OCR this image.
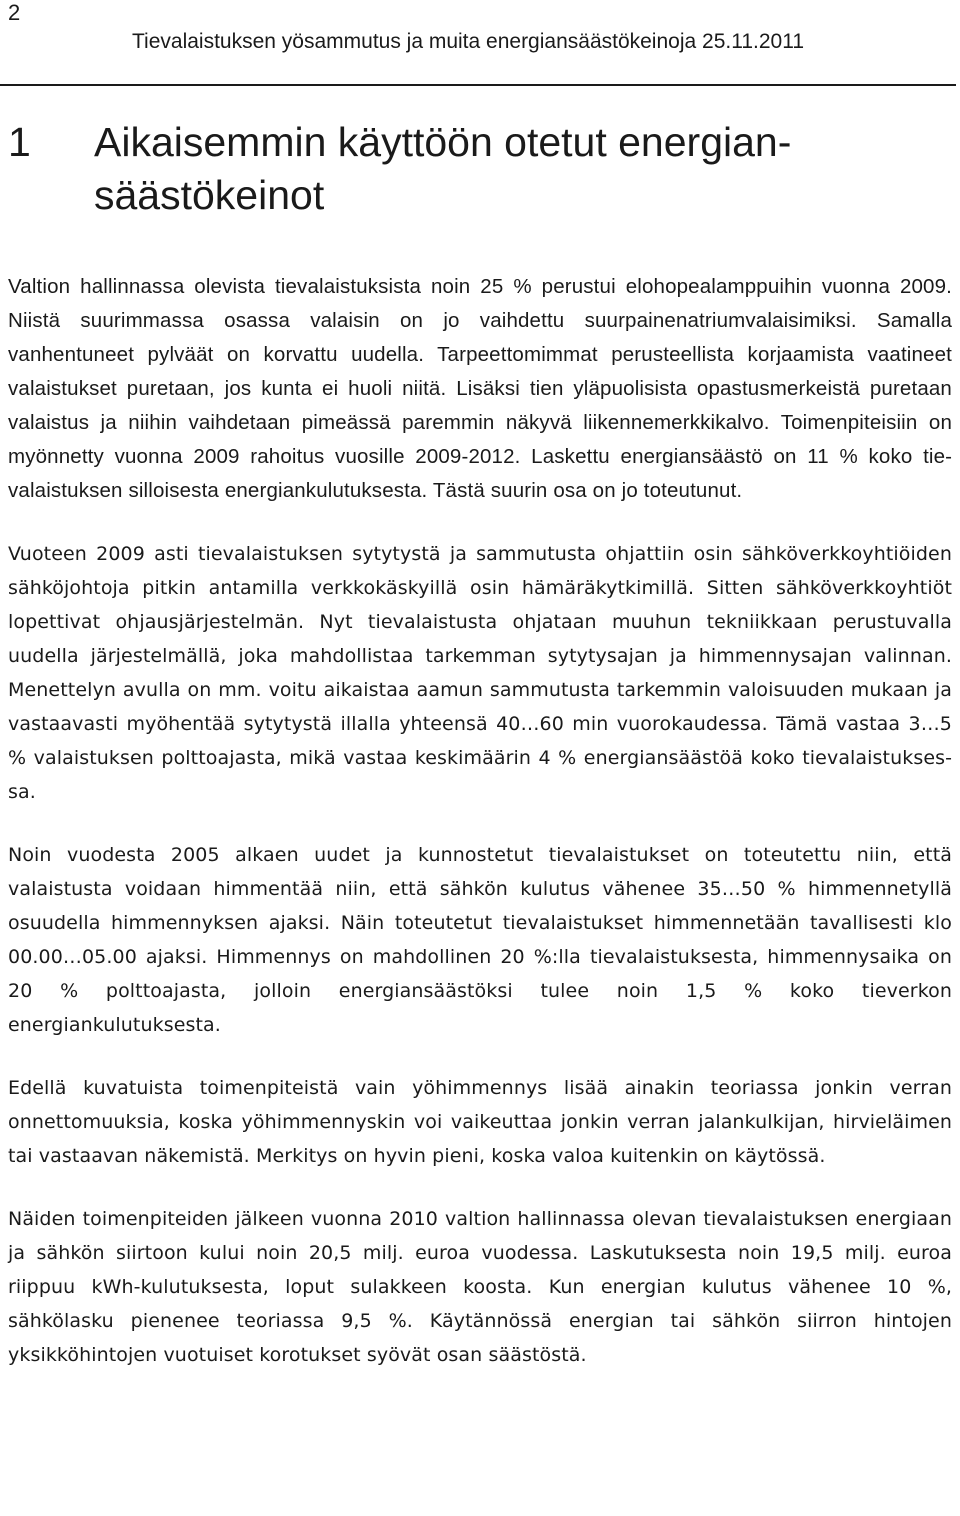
2
Tievalaistuksen yösammutus ja muita energiansäästökeinoja 25.11.2011
1 Aikaisemmin käyttöön otetut energiansäästökeinot

Valtion hallinnassa olevista tievalaistuksista noin 25 % perustui elohopealamppuihin vuonna 2009. Niistä suurimmassa osassa valaisin on jo vaihdettu suurpainenatriumvalaisimiksi. Samalla vanhentuneet pylväät on korvattu uudella. Tarpeettomimmat perusteellista korjaamista vaatineet valaistukset puretaan, jos kunta ei huoli niitä. Lisäksi tien yläpuolisista opastusmerkeistä puretaan valaistus ja niihin vaihdetaan pimeässä paremmin näkyvä liikennemerkkikalvo. Toimenpiteisiin on myönnetty vuonna 2009 rahoitus vuosille 2009-2012. Laskettu energiansäästö on 11 % koko tievalaistuksen silloisesta energiankulutuksesta. Tästä suurin osa on jo toteutunut.

Vuoteen 2009 asti tievalaistuksen sytytystä ja sammutusta ohjattiin osin sähköverkkoyhtiöiden sähköjohtoja pitkin antamilla verkkokäskyillä osin hämäräkytkimillä. Sitten sähköverkkoyhtiöt lopettivat ohjausjärjestelmän. Nyt tievalaistusta ohjataan muuhun tekniikkaan perustuvalla uudella järjestelmällä, joka mahdollistaa tarkemman sytytysajan ja himmennysajan valinnan. Menettelyn avulla on mm. voitu aikaistaa aamun sammutusta tarkemmin valoisuuden mukaan ja vastaavasti myöhentää sytytystä illalla yhteensä 40…60 min vuorokaudessa. Tämä vastaa 3…5 % valaistuksen polttoajasta, mikä vastaa keskimäärin 4 % energiansäästöä koko tievalaistuksessa.

Noin vuodesta 2005 alkaen uudet ja kunnostetut tievalaistukset on toteutettu niin, että valaistusta voidaan himmentää niin, että sähkön kulutus vähenee 35…50 % himmennetyllä osuudella himmennyksen ajaksi. Näin toteutetut tievalaistukset himmennetään tavallisesti klo 00.00…05.00 ajaksi. Himmennys on mahdollinen 20 %:lla tievalaistuksesta, himmennysaika on 20 % polttoajasta, jolloin energiansäästöksi tulee noin 1,5 % koko tieverkon energiankulutuksesta.

Edellä kuvatuista toimenpiteistä vain yöhimmennys lisää ainakin teoriassa jonkin verran onnettomuuksia, koska yöhimmennyskin voi vaikeuttaa jonkin verran jalankulkijan, hirvieläimen tai vastaavan näkemistä. Merkitys on hyvin pieni, koska valoa kuitenkin on käytössä.

Näiden toimenpiteiden jälkeen vuonna 2010 valtion hallinnassa olevan tievalaistuksen energiaan ja sähkön siirtoon kului noin 20,5 milj. euroa vuodessa. Laskutuksesta noin 19,5 milj. euroa riippuu kWh-kulutuksesta, loput sulakkeen koosta. Kun energian kulutus vähenee 10 %, sähkölasku pienenee teoriassa 9,5 %. Käytännössä energian tai sähkön siirron hintojen yksikköhintojen vuotuiset korotukset syövät osan säästöstä.
